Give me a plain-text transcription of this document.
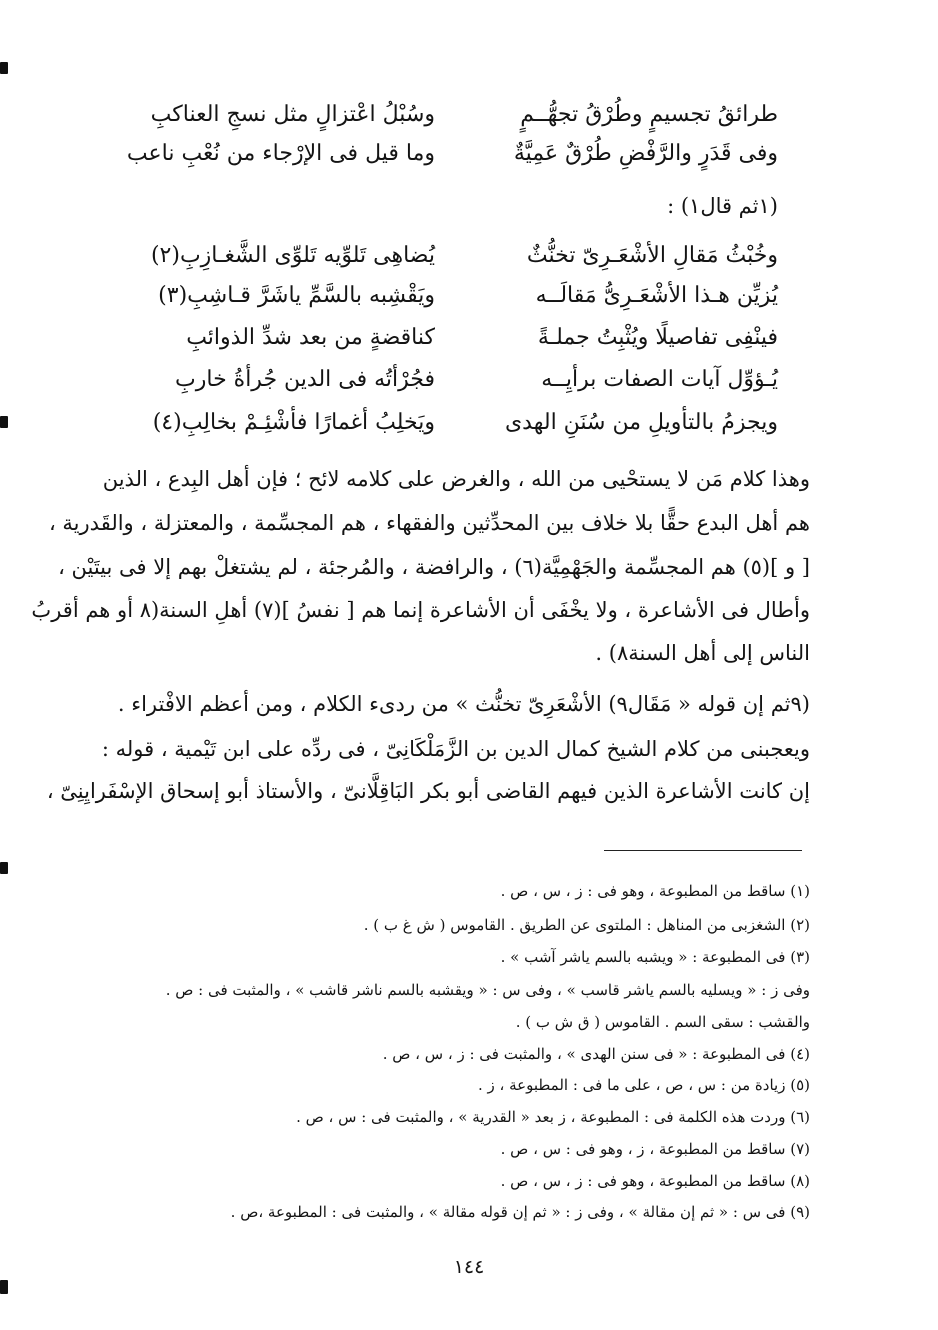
طرائقُ تجسيمٍ وطُرْقُ تجهُّــمٍ
وسُبْلُ اعْتزالٍ مثل نسجِ العناكبِ
وفى قَدَرٍ والرَّفْضِ طُرْقٌ عَمِيَّةٌ
وما قيل فى الإرْجاء من نُعْبِ ناعب
(١ثم قال١) :
وخُبْثُ مَقالِ الأشْعَـرِىّ تخنُّثٌ
يُضاهِى تَلوِّيه تَلوِّى الشَّغـازِبِ(٢)
يُزيِّن هـذا الأشْعَـرِىُّ مَقالَــه
ويَقْشِبه بالسَّمِّ ياشَرَّ قـاشِبِ(٣)
فينْفِى تفاصيلًا ويُثْبِتُ جملـةً
كناقضةٍ من بعد شدِّ الذوائبِ
يُـؤوِّل آيات الصفات برأيِــه
فجُرْأتُه فى الدين جُرأةُ خاربِ
ويجزمُ بالتأويلِ من سُنَنِ الهدى
ويَخلِبُ أغمارًا فأشْئِـمْ بخالِبِ(٤)
وهذا كلام مَن لا يستحْيى من الله ، والغرض على كلامه لائح ؛ فإن أهل البِدع ، الذين
هم أهل البدع حقًّا بلا خلاف بين المحدِّثين والفقهاء ، هم المجسِّمة ، والمعتزلة ، والقَدرية ،
[ و ](٥) هم المجسِّمة والجَهْمِيَّة(٦) ، والرافضة ، والمُرجئة ، لم يشتغلْ بهم إلا فى بيتَيْن ،
وأطال فى الأشاعرة ، ولا يخْفَى أن الأشاعرة إنما هم [ نفسُ ](٧) أهلِ السنة(٨ أو هم أقربُ
الناس إلى أهل السنة٨) .
(٩ثم إن قوله « مَقَال٩) الأشْعَرِىّ تخنُّث » من ردىء الكلام ، ومن أعظم الافْتراء .
ويعجبنى من كلام الشيخ كمال الدين بن الزَّمَلْكَانِىّ ، فى ردِّه على ابن تَيْمية ، قوله :
إن كانت الأشاعرة الذين فيهم القاضى أبو بكر البَاقِلَّانىّ ، والأستاذ أبو إسحاق الإسْفَرايِنِىّ ،
(١) ساقط من المطبوعة ، وهو فى : ز ، س ، ص .
(٢) الشغزبى من المناهل : الملتوى عن الطريق . القاموس ( ش غ ب ) .
(٣) فى المطبوعة : « ويشبه بالسم ياشر آشب » .
وفى ز : « ويسليه بالسم ياشر قاسب » ، وفى س : « ويقشبه بالسم ناشر قاشب » ، والمثبت فى : ص .
والقشب : سقى السم . القاموس ( ق ش ب ) .
(٤) فى المطبوعة : « فى سنن الهدى » ، والمثبت فى : ز ، س ، ص .
(٥) زيادة من : س ، ص ، على ما فى : المطبوعة ، ز .
(٦) وردت هذه الكلمة فى : المطبوعة ، ز بعد « القدرية » ، والمثبت فى : س ، ص .
(٧) ساقط من المطبوعة ، ز ، وهو فى : س ، ص .
(٨) ساقط من المطبوعة ، وهو فى : ز ، س ، ص .
(٩) فى س : « ثم إن مقالة » ، وفى ز : « ثم إن قوله مقالة » ، والمثبت فى : المطبوعة ،ص .
١٤٤
